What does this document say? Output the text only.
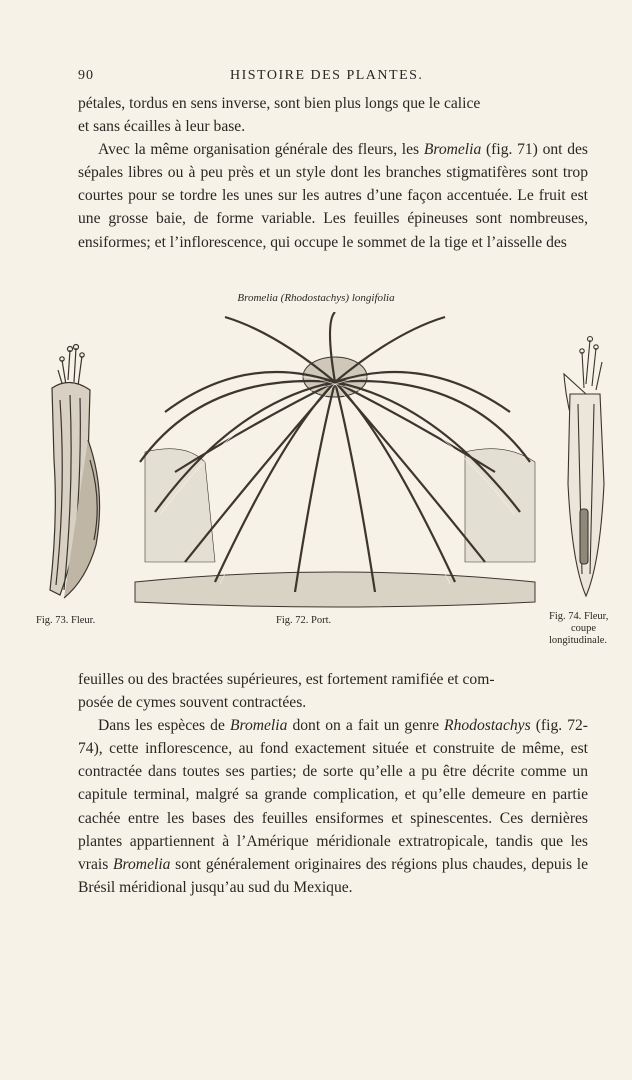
90	HISTOIRE DES PLANTES.

pétales, tordus en sens inverse, sont bien plus longs que le calice

et sans écailles à leur base.

Avec la même organisation générale des fleurs, les Bromelia (fig. 71) ont des sépales libres ou à peu près et un style dont les branches stigmatifères sont trop courtes pour se tordre les unes sur les autres d’une façon accentuée. Le fruit est une grosse baie, de forme variable. Les feuilles épineuses sont nombreuses, ensiformes; et l’inflorescence, qui occupe le sommet de la tige et l’aisselle des

Bromelia (Rhodostachys) longifolia
Fig. 73. Fleur.	Fig. 72. Port.	Fig. 74. Fleur,
coupe
longitudinale.

feuilles ou des bractées supérieures, est fortement ramifiée et com-

posée de cymes souvent contractées.

Dans les espèces de Bromelia dont on a fait un genre Rhodostachys (fig. 72-74), cette inflorescence, au fond exactement située et construite de même, est contractée dans toutes ses parties; de sorte qu’elle a pu être décrite comme un capitule terminal, malgré sa grande complication, et qu’elle demeure en partie cachée entre les bases des feuilles ensiformes et spinescentes. Ces dernières plantes appartiennent à l’Amérique méridionale extratropicale, tandis que les vrais Bromelia sont généralement originaires des régions plus chaudes, depuis le Brésil méridional jusqu’au sud du Mexique.
